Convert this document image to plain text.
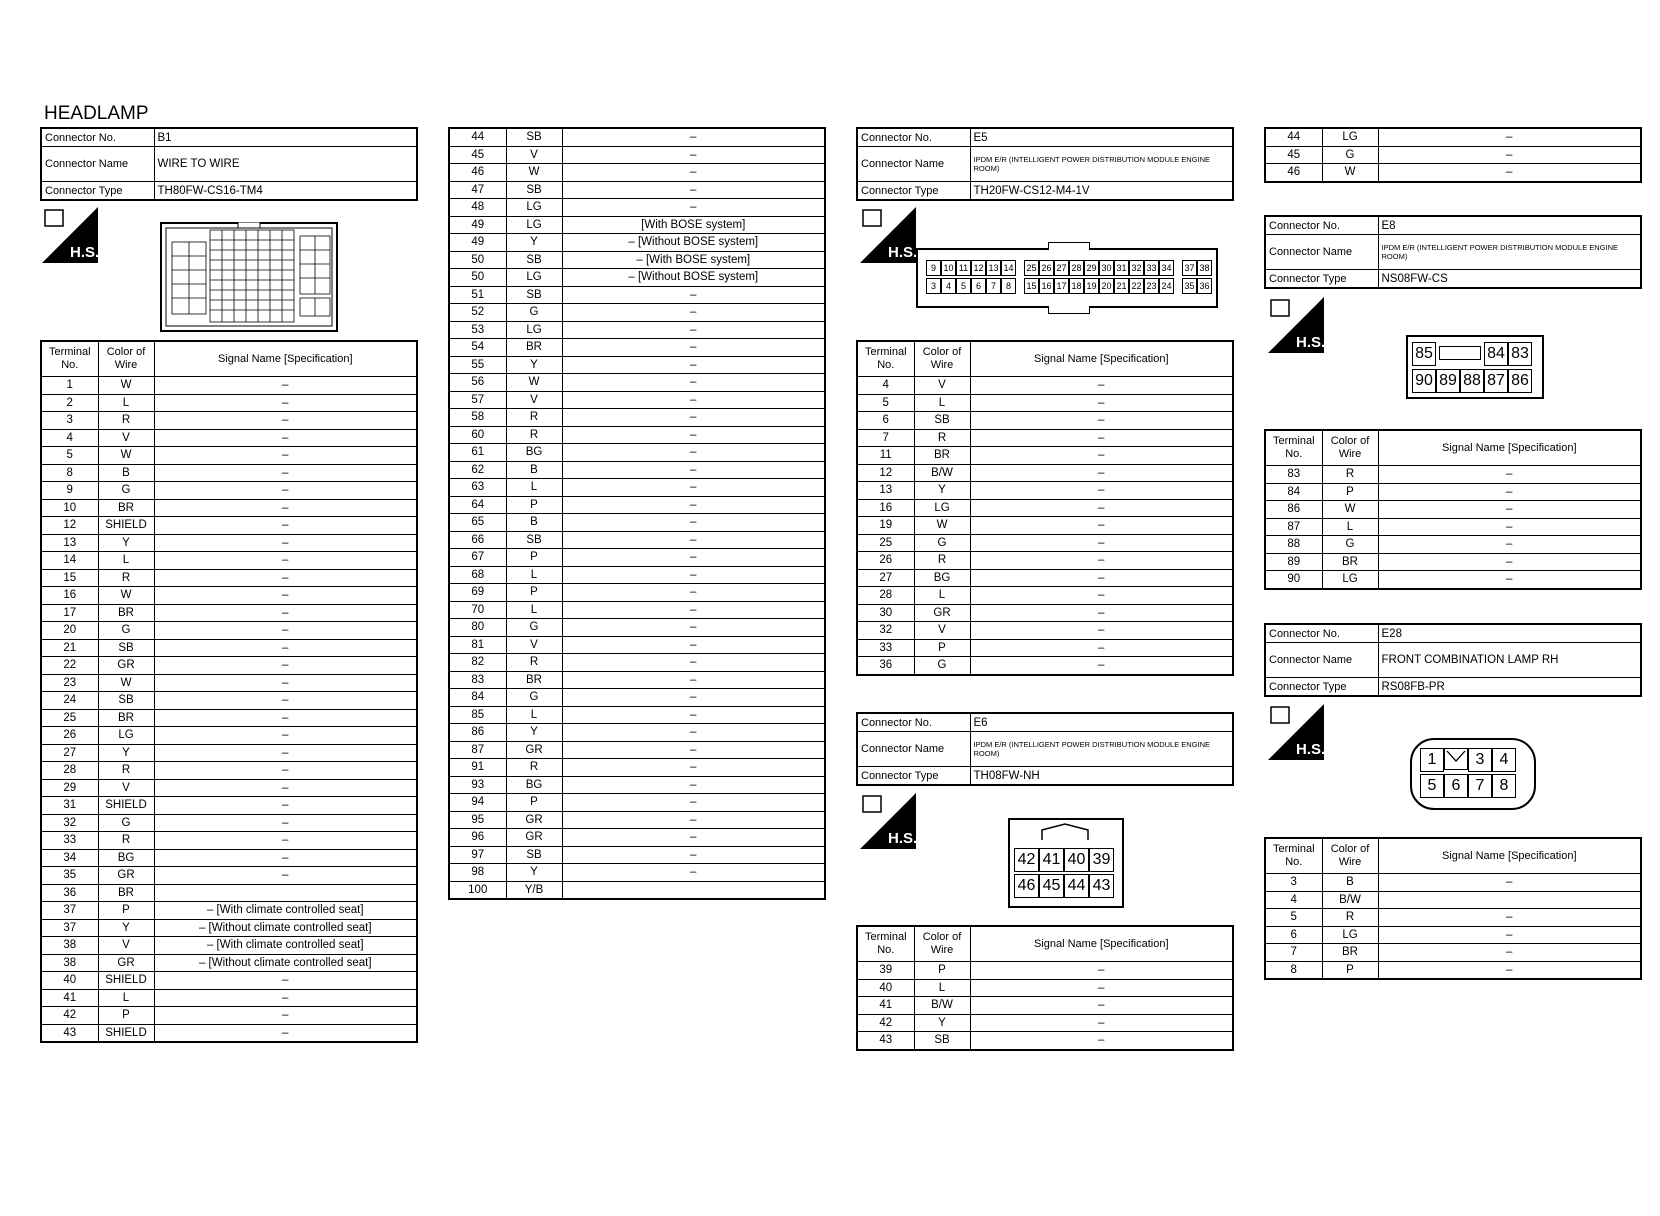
HEADLAMP
Connector No.	B1
Connector Name	WIRE TO WIRE
Connector Type	TH80FW-CS16-TM4
H.S.	H.S.
H.S.
H.S.
H.S.
Terminal No.	Color of Wire	Signal Name [Specification]
1	W	–
2	L	–
3	R	–
4	V	–
5	W	–
8	B	–
9	G	–
10	BR	–
12	SHIELD	–
13	Y	–
14	L	–
15	R	–
16	W	–
17	BR	–
20	G	–
21	SB	–
22	GR	–
23	W	–
24	SB	–
25	BR	–
26	LG	–
27	Y	–
28	R	–
29	V	–
31	SHIELD	–
32	G	–
33	R	–
34	BG	–
35	GR	–
36	BR	
37	P	– [With climate controlled seat]
37	Y	– [Without climate controlled seat]
38	V	– [With climate controlled seat]
38	GR	– [Without climate controlled seat]
40	SHIELD	–
41	L	–
42	P	–
43	SHIELD	–
44	SB	–
45	V	–
46	W	–
47	SB	–
48	LG	–
49	LG	[With BOSE system]
49	Y	– [Without BOSE system]
50	SB	– [With BOSE system]
50	LG	– [Without BOSE system]
51	SB	–
52	G	–
53	LG	–
54	BR	–
55	Y	–
56	W	–
57	V	–
58	R	–
60	R	–
61	BG	–
62	B	–
63	L	–
64	P	–
65	B	–
66	SB	–
67	P	–
68	L	–
69	P	–
70	L	–
80	G	–
81	V	–
82	R	–
83	BR	–
84	G	–
85	L	–
86	Y	–
87	GR	–
91	R	–
93	BG	–
94	P	–
95	GR	–
96	GR	–
97	SB	–
98	Y	–
100	Y/B	
Connector No.	E5
Connector Name	IPDM E/R (INTELLIGENT POWER DISTRIBUTION MODULE ENGINE ROOM)
Connector Type	TH20FW-CS12-M4-1V
9 10 11 12 13 14 25 26 27 28 29 30 31 32 33 34 37 38
3	4	5	6	7	8	15 16 17 18 19 20 21 22 23 24 35 36
Terminal No.	Color of Wire	Signal Name [Specification]
4	V	–
5	L	–
6	SB	–
7	R	–
11	BR	–
12	B/W	–
13	Y	–
16	LG	–
19	W	–
25	G	–
26	R	–
27	BG	–
28	L	–
30	GR	–
32	V	–
33	P	–
36	G	–
Connector No.	E6
Connector Name	IPDM E/R (INTELLIGENT POWER DISTRIBUTION MODULE ENGINE ROOM)
Connector Type	TH08FW-NH
42 41 40 39
46 45 44 43
Terminal No.	Color of Wire	Signal Name [Specification]
39	P	–
40	L	–
41	B/W	–
42	Y	–
43	SB	–
44	LG	–
45	G	–
46	W	–
Connector No.	E8
Connector Name	IPDM E/R (INTELLIGENT POWER DISTRIBUTION MODULE ENGINE ROOM)
Connector Type	NS08FW-CS
85	84 83
90 89 88 87 86
Terminal No.	Color of Wire	Signal Name [Specification]
83	R	–
84	P	–
86	W	–
87	L	–
88	G	–
89	BR	–
90	LG	–
Connector No.	E28
Connector Name	FRONT COMBINATION LAMP RH
Connector Type	RS08FB-PR
1	3 4
5 6 7 8
Terminal No.	Color of Wire	Signal Name [Specification]
3	B	–
4	B/W	
5	R	–
6	LG	–
7	BR	–
8	P	–
